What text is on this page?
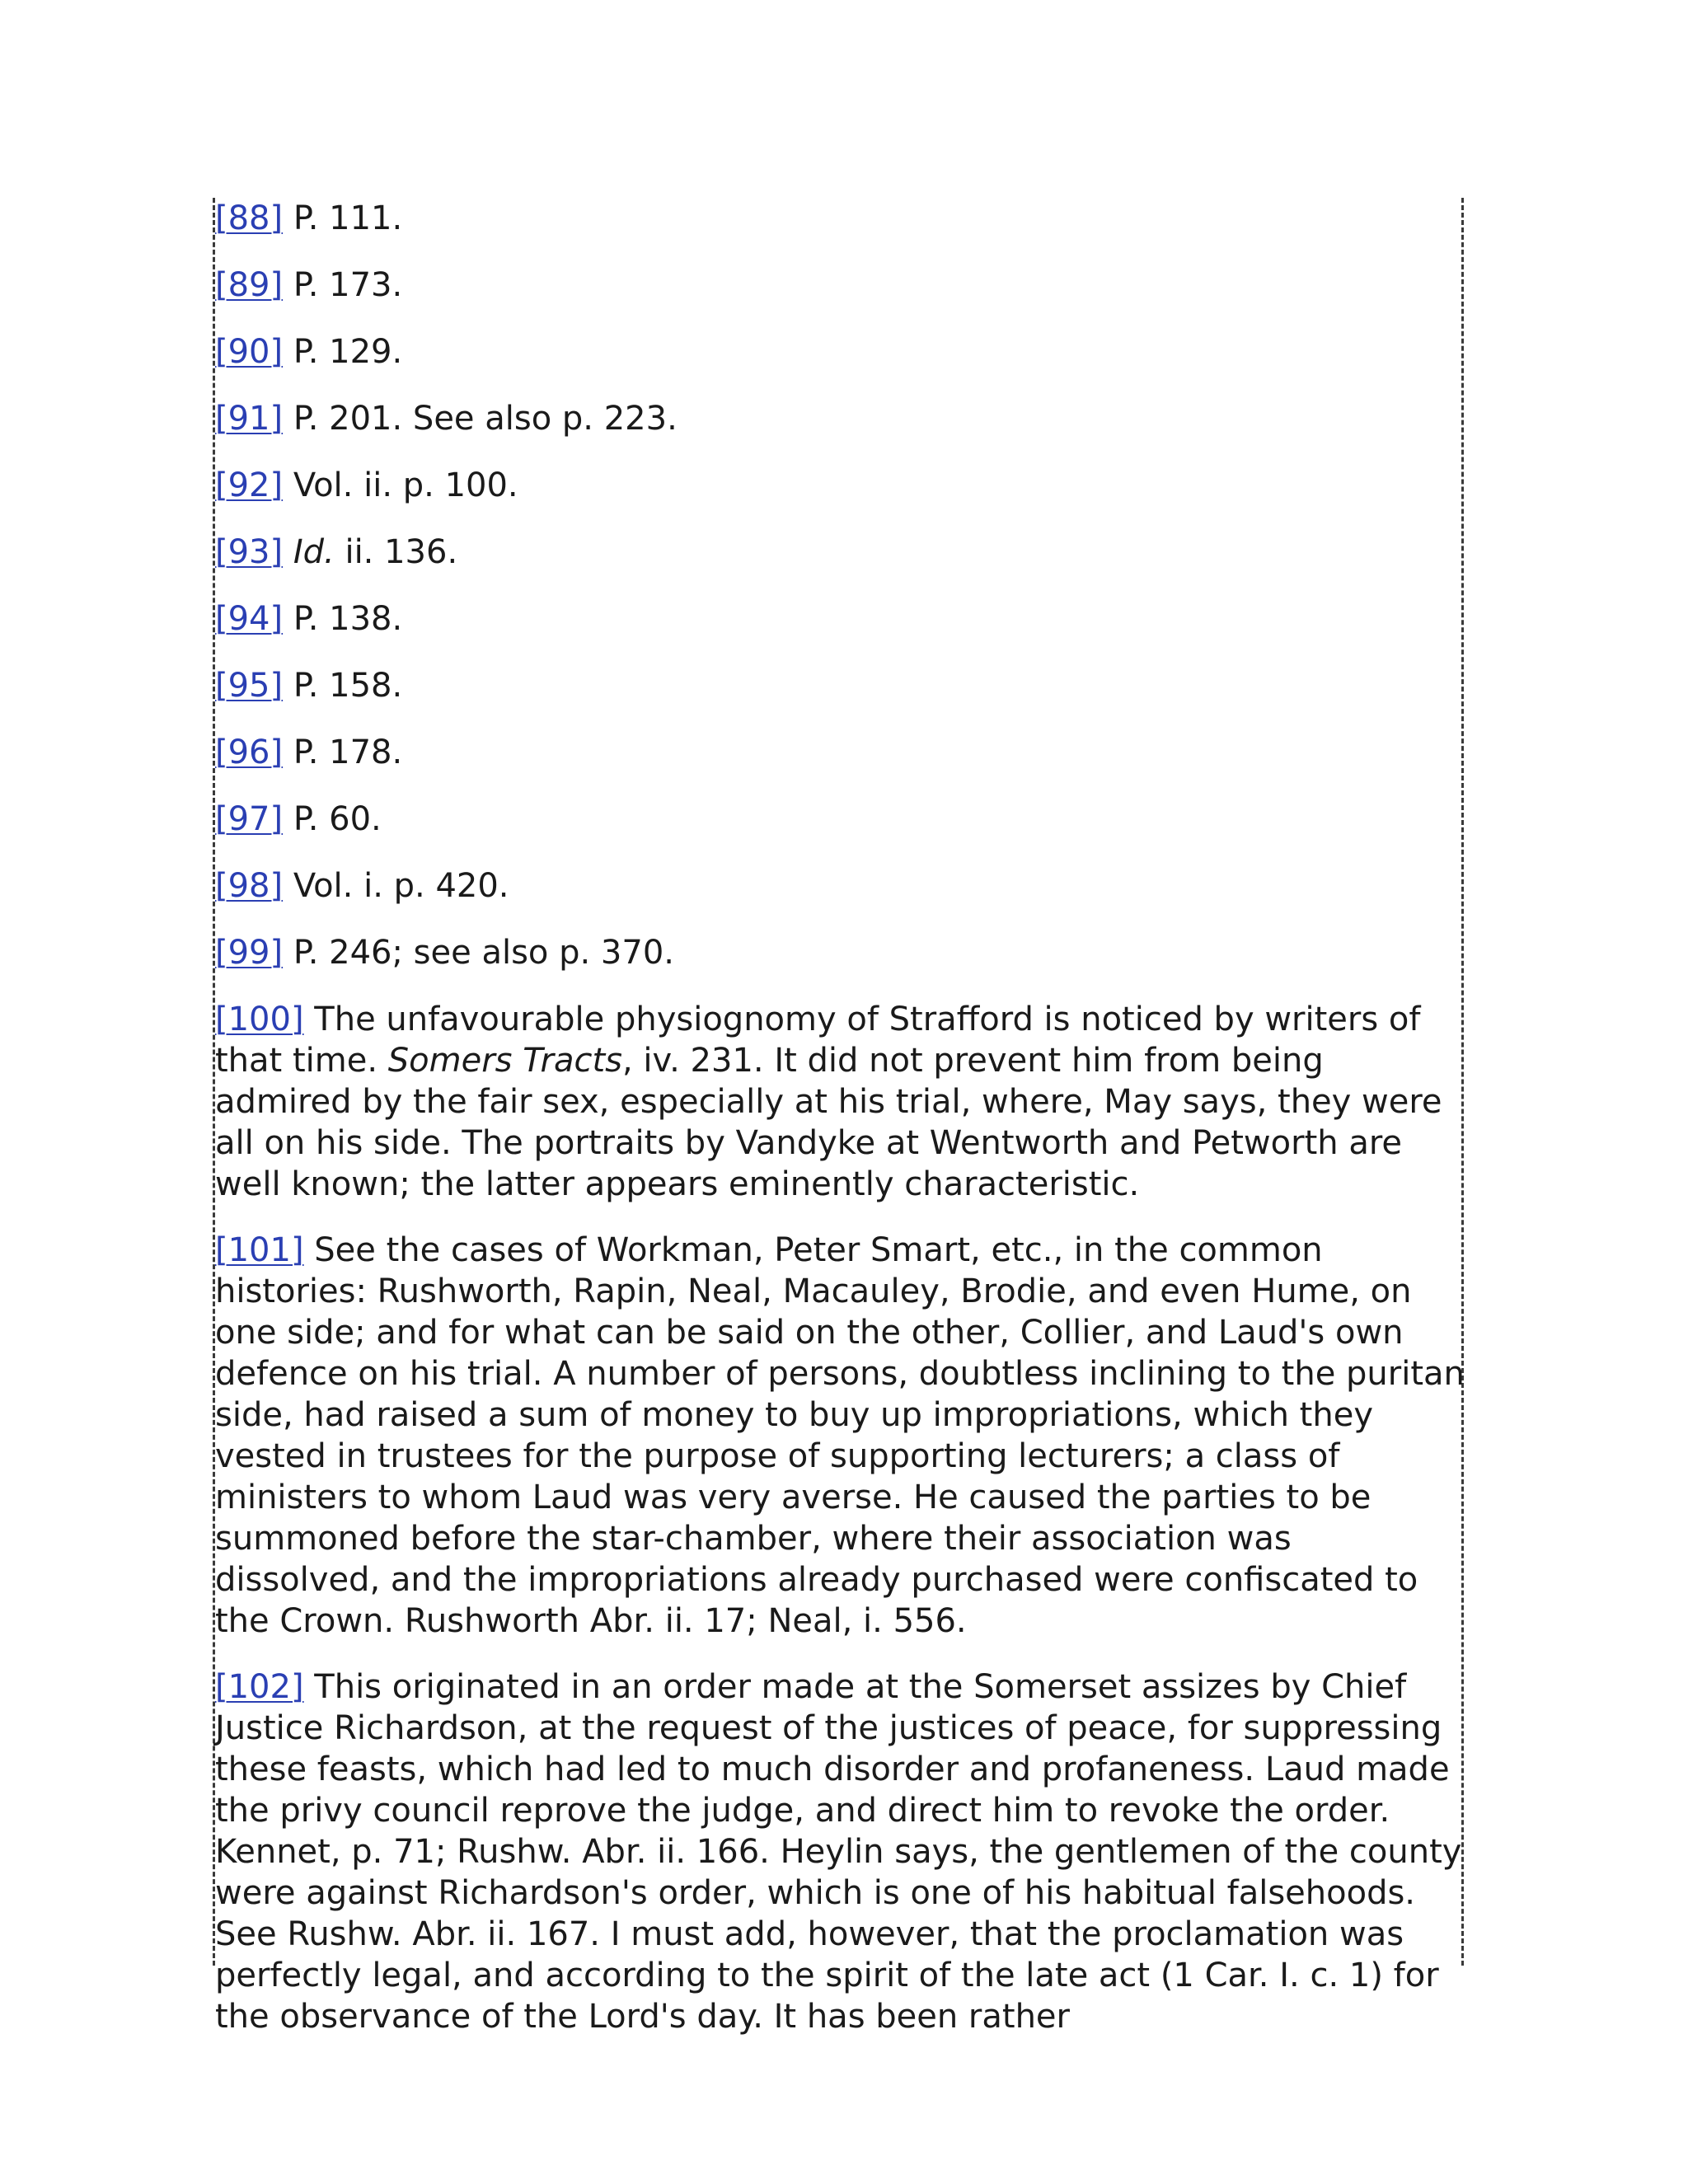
[88] P. 111.

[89] P. 173.

[90] P. 129.

[91] P. 201. See also p. 223.

[92] Vol. ii. p. 100.

[93] Id. ii. 136.

[94] P. 138.

[95] P. 158.

[96] P. 178.

[97] P. 60.

[98] Vol. i. p. 420.

[99] P. 246; see also p. 370.

[100] The unfavourable physiognomy of Strafford is noticed by writers of that time. Somers Tracts, iv. 231. It did not prevent him from being admired by the fair sex, especially at his trial, where, May says, they were all on his side. The portraits by Vandyke at Wentworth and Petworth are well known; the latter appears eminently characteristic.

[101] See the cases of Workman, Peter Smart, etc., in the common histories: Rushworth, Rapin, Neal, Macauley, Brodie, and even Hume, on one side; and for what can be said on the other, Collier, and Laud's own defence on his trial. A number of persons, doubtless inclining to the puritan side, had raised a sum of money to buy up impropriations, which they vested in trustees for the purpose of supporting lecturers; a class of ministers to whom Laud was very averse. He caused the parties to be summoned before the star-chamber, where their association was dissolved, and the impropriations already purchased were confiscated to the Crown. Rushworth Abr. ii. 17; Neal, i. 556.

[102] This originated in an order made at the Somerset assizes by Chief Justice Richardson, at the request of the justices of peace, for suppressing these feasts, which had led to much disorder and profaneness. Laud made the privy council reprove the judge, and direct him to revoke the order. Kennet, p. 71; Rushw. Abr. ii. 166. Heylin says, the gentlemen of the county were against Richardson's order, which is one of his habitual falsehoods. See Rushw. Abr. ii. 167. I must add, however, that the proclamation was perfectly legal, and according to the spirit of the late act (1 Car. I. c. 1) for the observance of the Lord's day. It has been rather
